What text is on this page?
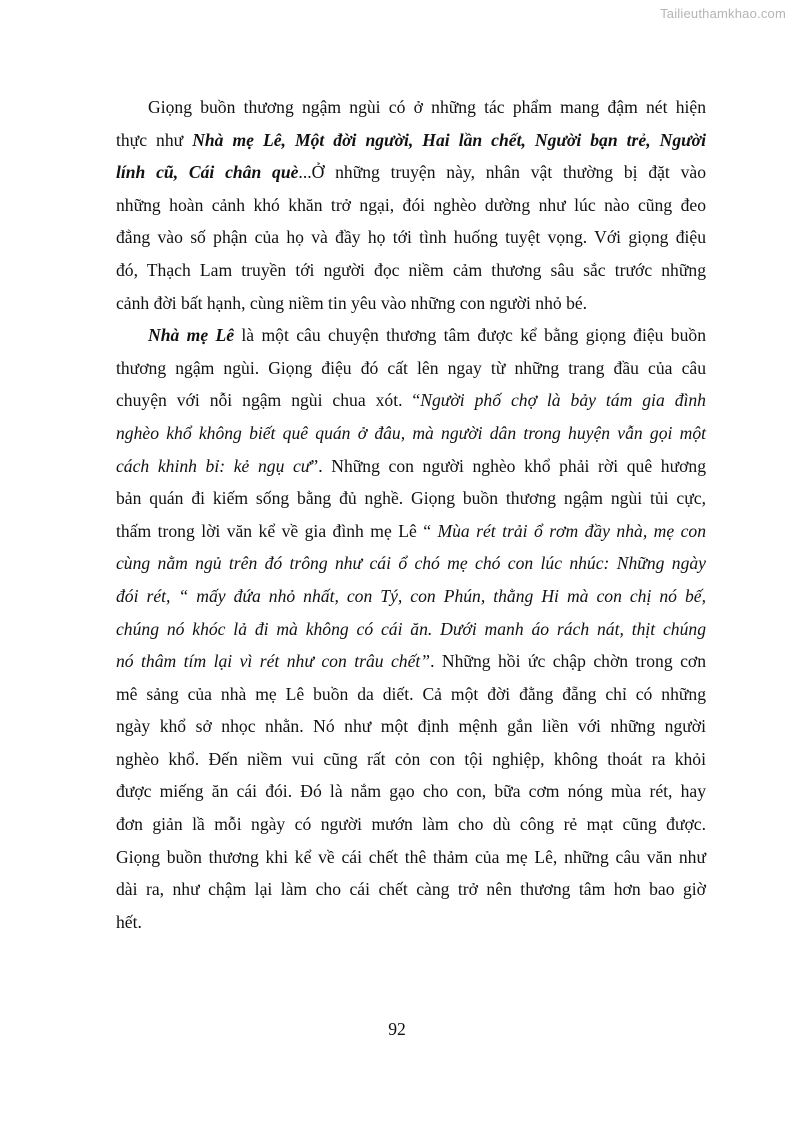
Tailieuthamkhao.com
Giọng buồn thương ngậm ngùi có ở những tác phẩm mang đậm nét hiện
thực như Nhà mẹ Lê, Một đời người, Hai lần chết, Người bạn trẻ, Người
lính cũ, Cái chân què...Ở những truyện này, nhân vật thường bị đặt vào
những hoàn cảnh khó khăn trở ngại, đói nghèo dường như lúc nào cũng đeo
đẳng vào số phận của họ và đầy họ tới tình huống tuyệt vọng. Với giọng điệu
đó, Thạch Lam truyền tới người đọc niềm cảm thương sâu sắc trước những
cảnh đời bất hạnh, cùng niềm tin yêu vào những con người nhỏ bé.
Nhà mẹ Lê là một câu chuyện thương tâm được kể bằng giọng điệu buồn
thương ngậm ngùi. Giọng điệu đó cất lên ngay từ những trang đầu của câu
chuyện với nỗi ngậm ngùi chua xót. “Người phố chợ là bảy tám gia đình
nghèo khổ không biết quê quán ở đâu, mà người dân trong huyện vẫn gọi một
cách khinh bỉ: kẻ ngụ cư”. Những con người nghèo khổ phải rời quê hương
bản quán đi kiếm sống bằng đủ nghề. Giọng buồn thương ngậm ngùi tủi cực,
thấm trong lời văn kể về gia đình mẹ Lê “ Mùa rét trải ổ rơm đầy nhà, mẹ con
cùng nằm ngủ trên đó trông như cái ổ chó mẹ chó con lúc nhúc: Những ngày
đói rét, “ mấy đứa nhỏ nhất, con Tý, con Phún, thằng Hi mà con chị nó bế,
chúng nó khóc lả đi mà không có cái ăn. Dưới manh áo rách nát, thịt chúng
nó thâm tím lại vì rét như con trâu chết”. Những hồi ức chập chờn trong cơn
mê sảng của nhà mẹ Lê buồn da diết. Cả một đời đằng đẵng chỉ có những
ngày khổ sở nhọc nhằn. Nó như một định mệnh gắn liền với những người
nghèo khổ. Đến niềm vui cũng rất cỏn con tội nghiệp, không thoát ra khỏi
được miếng ăn cái đói. Đó là nắm gạo cho con, bữa cơm nóng mùa rét, hay
đơn giản lầ mỗi ngày có người mướn làm cho dù công rẻ mạt cũng được.
Giọng buồn thương khi kể về cái chết thê thảm của mẹ Lê, những câu văn như
dài ra, như chậm lại làm cho cái chết càng trở nên thương tâm hơn bao giờ
hết.
92
